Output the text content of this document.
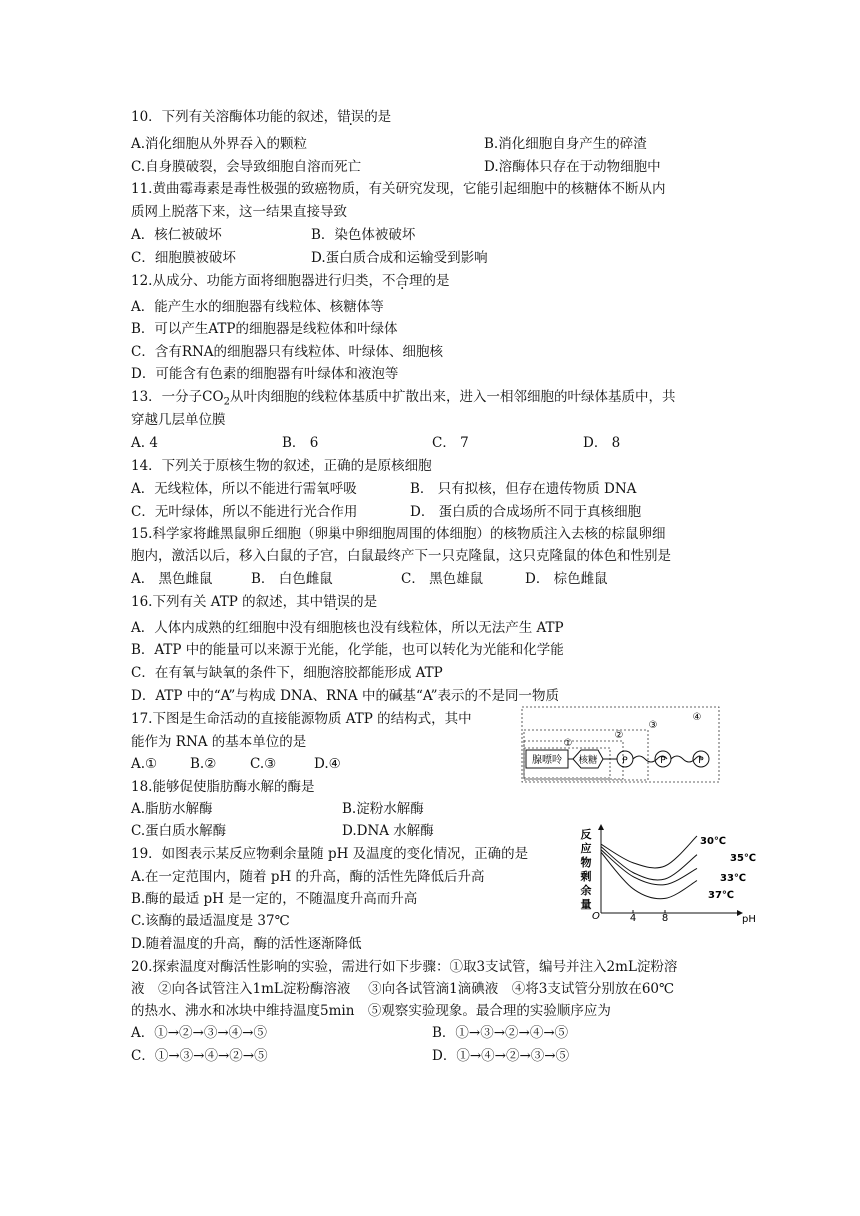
10．下列有关溶酶体功能的叙述，错误的是
A.消化细胞从外界吞入的颗粒	B.消化细胞自身产生的碎渣
C.自身膜破裂，会导致细胞自溶而死亡	D.溶酶体只存在于动物细胞中
11.黄曲霉毒素是毒性极强的致癌物质，有关研究发现，它能引起细胞中的核糖体不断从内
质网上脱落下来，这一结果直接导致
A．核仁被破坏	B．染色体被破坏
C．细胞膜被破坏	D.蛋白质合成和运输受到影响
12.从成分、功能方面将细胞器进行归类，不合理的是
A．能产生水的细胞器有线粒体、核糖体等
B．可以产生ATP的细胞器是线粒体和叶绿体
C．含有RNA的细胞器只有线粒体、叶绿体、细胞核
D．可能含有色素的细胞器有叶绿体和液泡等
13．一分子$CO_2$从叶肉细胞的线粒体基质中扩散出来，进入一相邻细胞的叶绿体基质中，共
穿越几层单位膜
A. 4	B． 6	C． 7	D． 8
14．下列关于原核生物的叙述，正确的是原核细胞
A．无线粒体，所以不能进行需氧呼吸	B． 只有拟核，但存在遗传物质 DNA
C．无叶绿体，所以不能进行光合作用	D． 蛋白质的合成场所不同于真核细胞
15.科学家将雌黑鼠卵丘细胞（卵巢中卵细胞周围的体细胞）的核物质注入去核的棕鼠卵细
胞内，激活以后，移入白鼠的子宫，白鼠最终产下一只克隆鼠，这只克隆鼠的体色和性别是
A． 黑色雌鼠	B． 白色雌鼠	C． 黑色雄鼠	D． 棕色雌鼠
16.下列有关 ATP 的叙述，其中错误的是
A．人体内成熟的红细胞中没有细胞核也没有线粒体，所以无法产生 ATP
B．ATP 中的能量可以来源于光能，化学能，也可以转化为光能和化学能
C．在有氧与缺氧的条件下，细胞溶胶都能形成 ATP
D．ATP 中的“A”与构成 DNA、RNA 中的碱基“A”表示的不是同一物质
17.下图是生命活动的直接能源物质 ATP 的结构式，其中
能作为 RNA 的基本单位的是
A.① B.② C.③	D.④	腺嘌呤 核糖	P	P	P
①
②
③
④
18.能够促使脂肪酶水解的酶是
A.脂肪水解酶	B.淀粉水解酶
C.蛋白质水解酶	D.DNA 水解酶
19．如图表示某反应物剩余量随 pH 及温度的变化情况，正确的是
A.在一定范围内，随着 pH 的升高，酶的活性先降低后升高
B.酶的最适 pH 是一定的，不随温度升高而升高
C.该酶的最适温度是 37℃
D.随着温度的升高，酶的活性逐渐降低
反
应
物
剩
余
量
O	4	8	pH
30℃
35℃
33℃
37℃
20.探索温度对酶活性影响的实验，需进行如下步骤：①取3支试管，编号并注入2mL淀粉溶
液　②向各试管注入1mL淀粉酶溶液　 ③向各试管滴1滴碘液　④将3支试管分别放在60℃
的热水、沸水和冰块中维持温度5min　⑤观察实验现象。最合理的实验顺序应为
A．①→②→③→④→⑤	B．①→③→②→④→⑤
C．①→③→④→②→⑤	D．①→④→②→③→⑤
